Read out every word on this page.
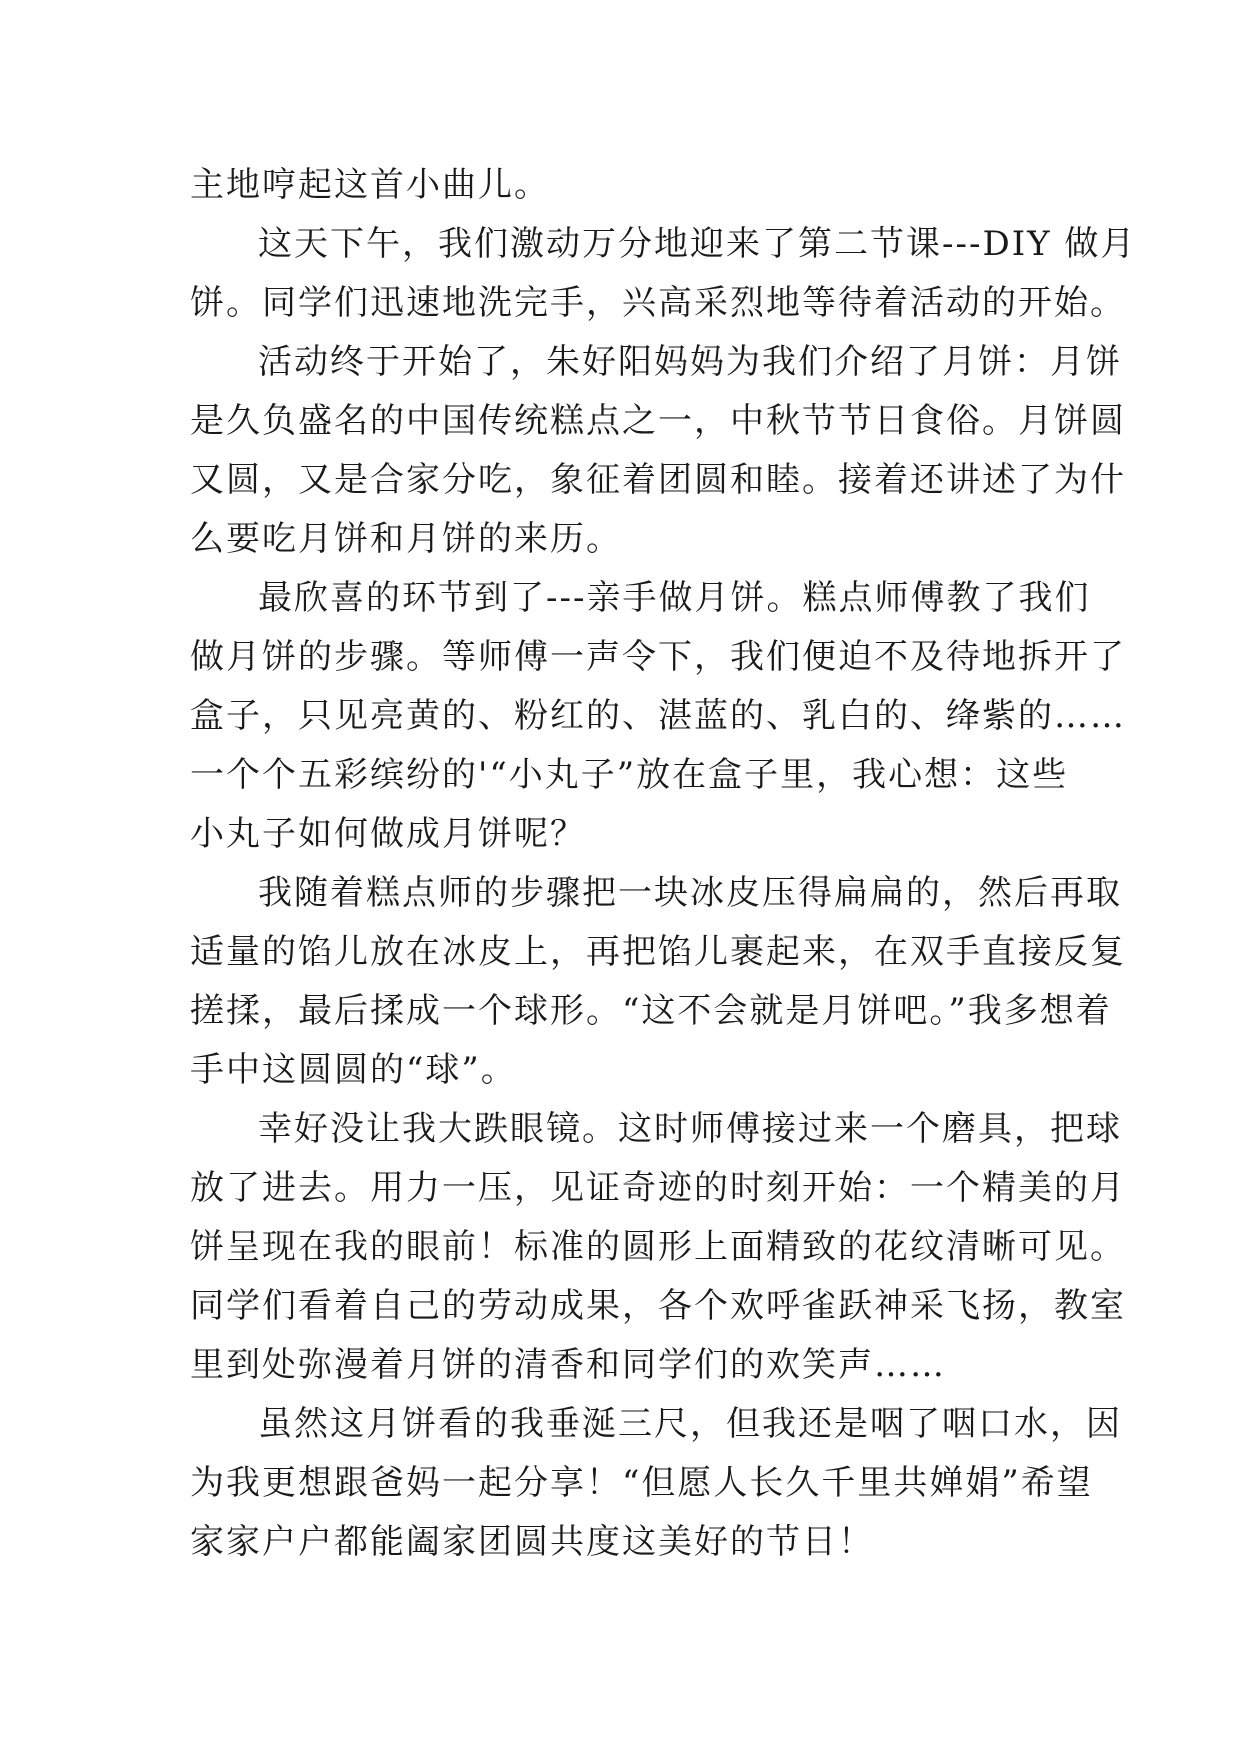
主地哼起这首小曲儿。
这天下午，我们激动万分地迎来了第二节课---DIY 做月
饼。同学们迅速地洗完手，兴高采烈地等待着活动的开始。
活动终于开始了，朱好阳妈妈为我们介绍了月饼：月饼
是久负盛名的中国传统糕点之一，中秋节节日食俗。月饼圆
又圆，又是合家分吃，象征着团圆和睦。接着还讲述了为什
么要吃月饼和月饼的来历。
最欣喜的环节到了---亲手做月饼。糕点师傅教了我们
做月饼的步骤。等师傅一声令下，我们便迫不及待地拆开了
盒子，只见亮黄的、粉红的、湛蓝的、乳白的、绛紫的……
一个个五彩缤纷的'“小丸子”放在盒子里，我心想：这些
小丸子如何做成月饼呢？
我随着糕点师的步骤把一块冰皮压得扁扁的，然后再取
适量的馅儿放在冰皮上，再把馅儿裹起来，在双手直接反复
搓揉，最后揉成一个球形。“这不会就是月饼吧。”我多想着
手中这圆圆的“球”。
幸好没让我大跌眼镜。这时师傅接过来一个磨具，把球
放了进去。用力一压，见证奇迹的时刻开始：一个精美的月
饼呈现在我的眼前！标准的圆形上面精致的花纹清晰可见。
同学们看着自己的劳动成果，各个欢呼雀跃神采飞扬，教室
里到处弥漫着月饼的清香和同学们的欢笑声……
虽然这月饼看的我垂涎三尺，但我还是咽了咽口水，因
为我更想跟爸妈一起分享！“但愿人长久千里共婵娟”希望
家家户户都能阖家团圆共度这美好的节日！
